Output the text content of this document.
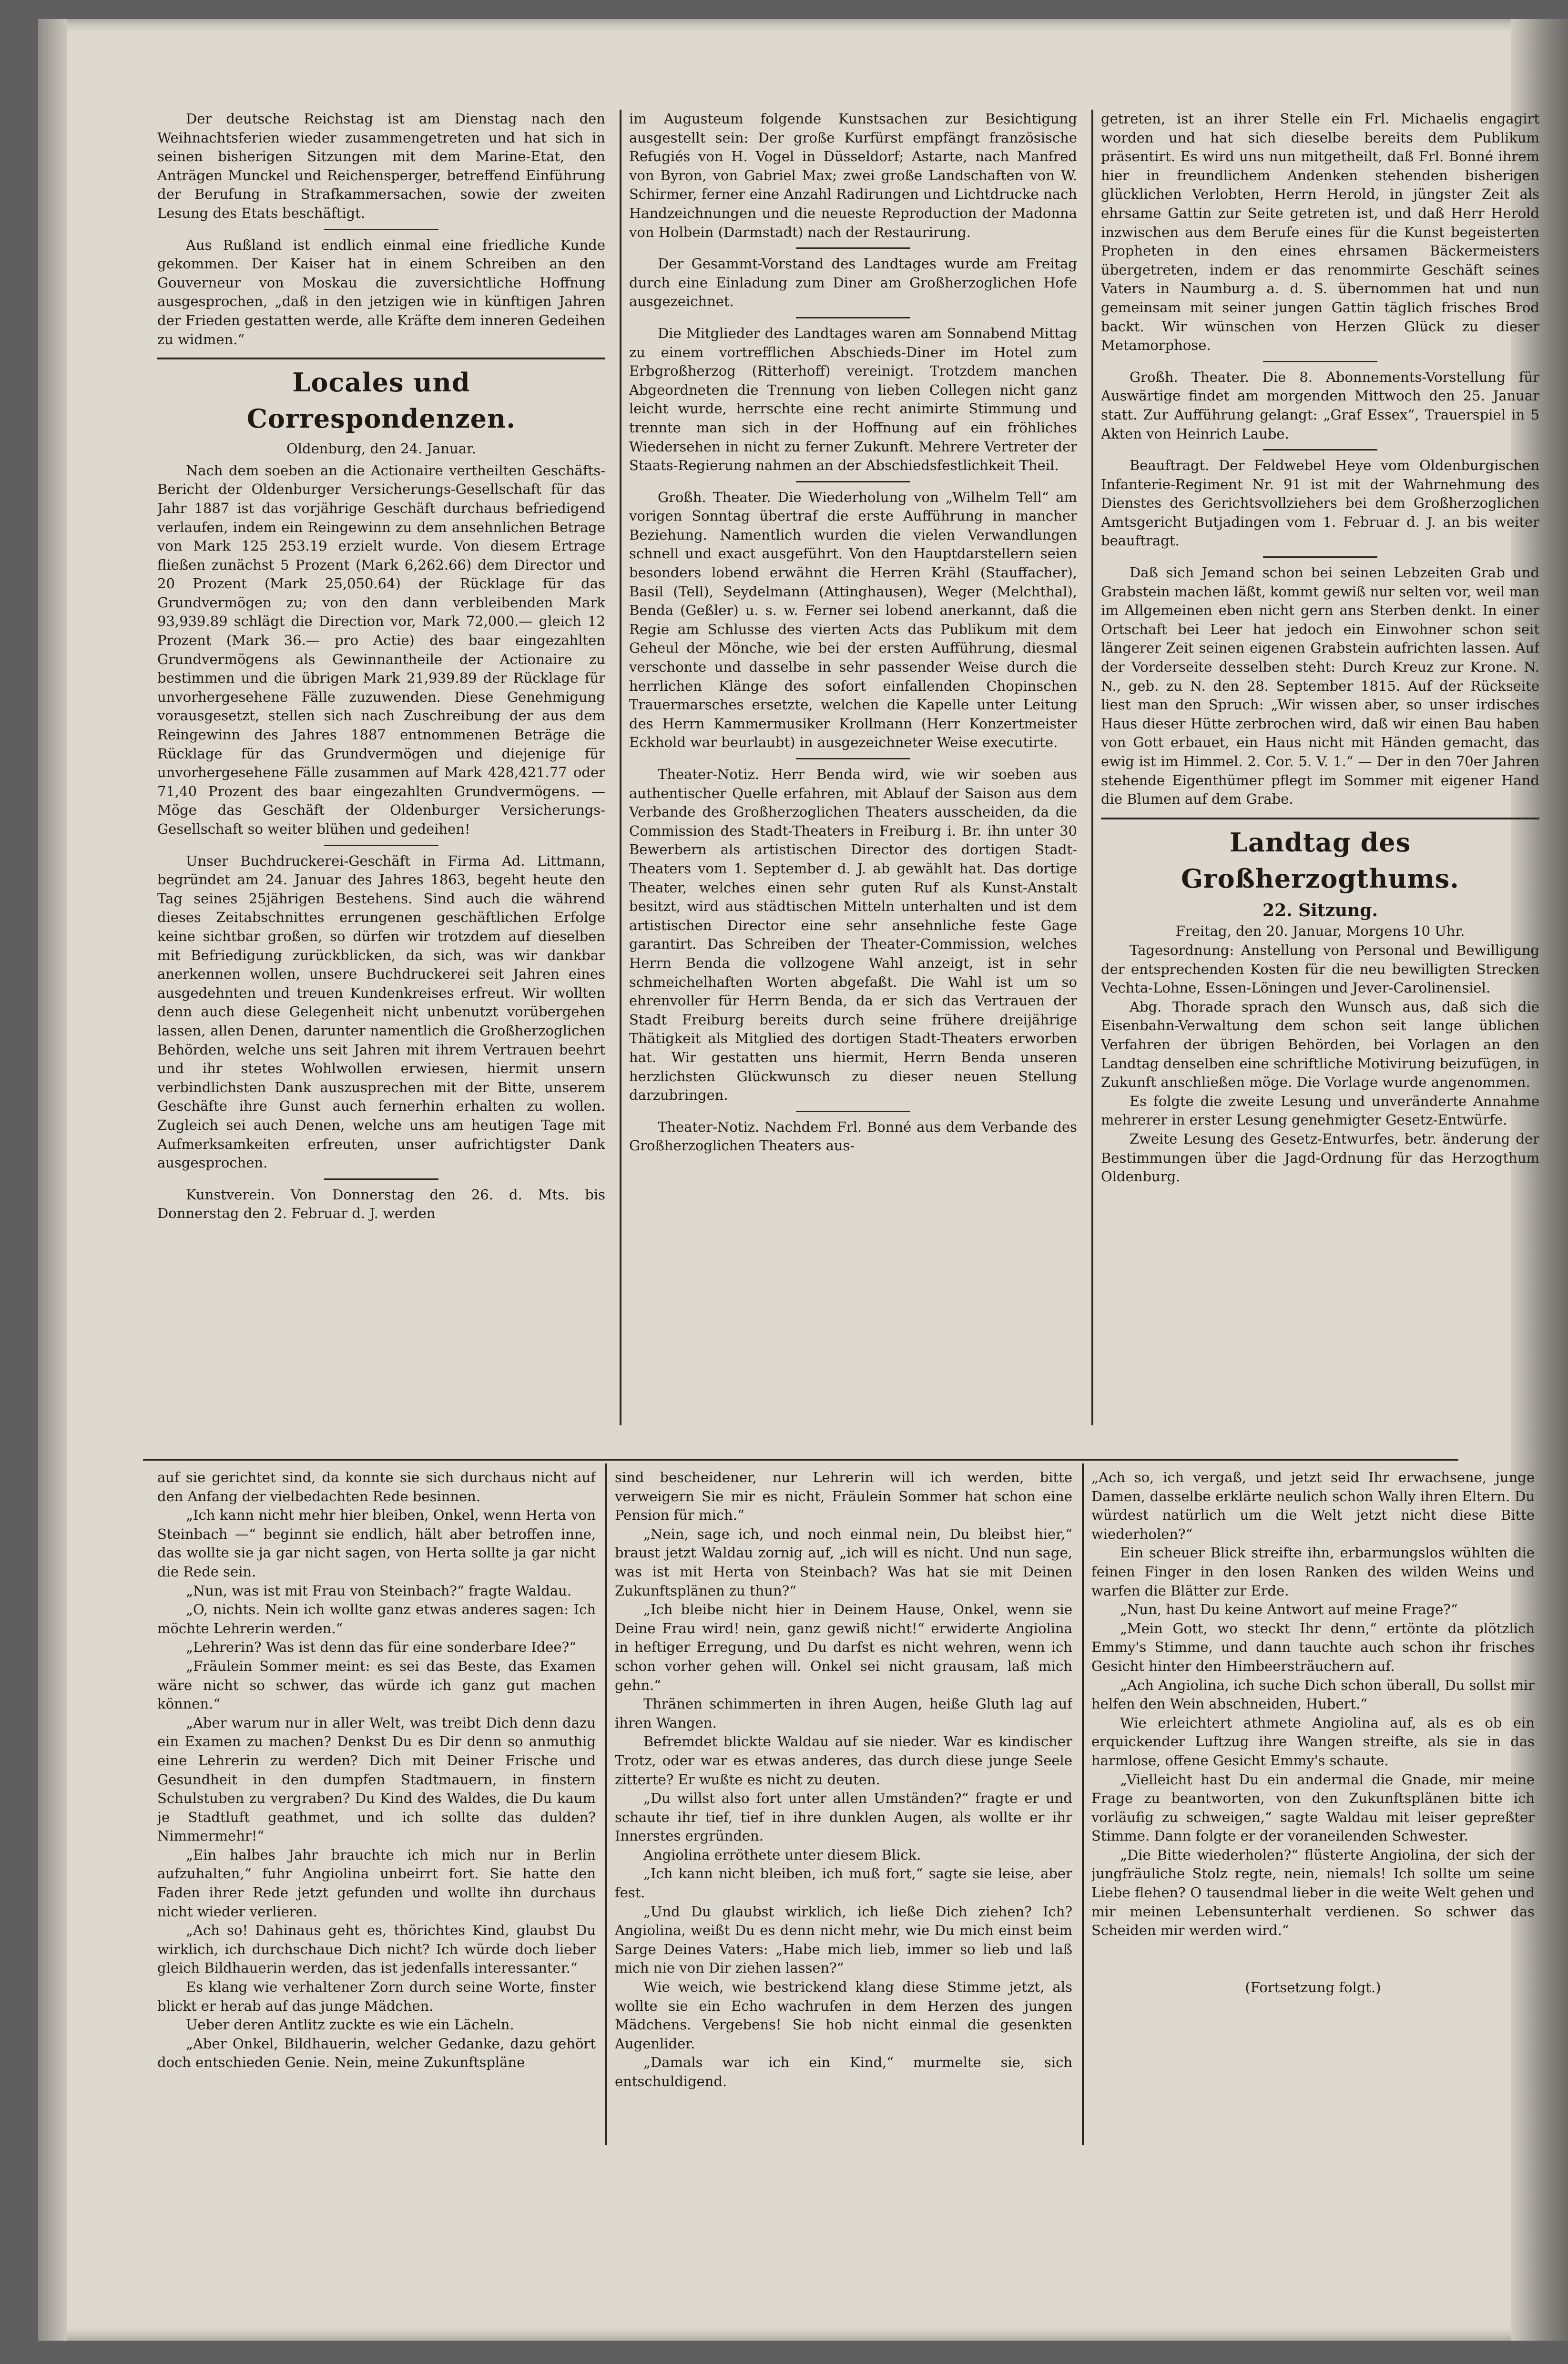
Der deutsche Reichstag ist am Dienstag nach den Weihnachtsferien wieder zusammengetreten und hat sich in seinen bisherigen Sitzungen mit dem Marine-Etat, den Anträgen Munckel und Reichensperger, betreffend Einführung der Berufung in Strafkammersachen, sowie der zweiten Lesung des Etats beschäftigt.

Aus Rußland ist endlich einmal eine friedliche Kunde gekommen. Der Kaiser hat in einem Schreiben an den Gouverneur von Moskau die zuversichtliche Hoffnung ausgesprochen, „daß in den jetzigen wie in künftigen Jahren der Frieden gestatten werde, alle Kräfte dem inneren Gedeihen zu widmen.“

Locales und Correspondenzen.
Oldenburg, den 24. Januar.

Nach dem soeben an die Actionaire vertheilten Geschäfts-Bericht der Oldenburger Versicherungs-Gesellschaft für das Jahr 1887 ist das vorjährige Geschäft durchaus befriedigend verlaufen, indem ein Reingewinn zu dem ansehnlichen Betrage von Mark 125 253.19 erzielt wurde. Von diesem Ertrage fließen zunächst 5 Prozent (Mark 6,262.66) dem Director und 20 Prozent (Mark 25,050.64) der Rücklage für das Grundvermögen zu; von den dann verbleibenden Mark 93,939.89 schlägt die Direction vor, Mark 72,000.— gleich 12 Prozent (Mark 36.— pro Actie) des baar eingezahlten Grundvermögens als Gewinnantheile der Actionaire zu bestimmen und die übrigen Mark 21,939.89 der Rücklage für unvorhergesehene Fälle zuzuwenden. Diese Genehmigung vorausgesetzt, stellen sich nach Zuschreibung der aus dem Reingewinn des Jahres 1887 entnommenen Beträge die Rücklage für das Grundvermögen und diejenige für unvorhergesehene Fälle zusammen auf Mark 428,421.77 oder 71,40 Prozent des baar eingezahlten Grundvermögens. — Möge das Geschäft der Oldenburger Versicherungs-Gesellschaft so weiter blühen und gedeihen!

Unser Buchdruckerei-Geschäft in Firma Ad. Littmann, begründet am 24. Januar des Jahres 1863, begeht heute den Tag seines 25jährigen Bestehens. Sind auch die während dieses Zeitabschnittes errungenen geschäftlichen Erfolge keine sichtbar großen, so dürfen wir trotzdem auf dieselben mit Befriedigung zurückblicken, da sich, was wir dankbar anerkennen wollen, unsere Buchdruckerei seit Jahren eines ausgedehnten und treuen Kundenkreises erfreut. Wir wollten denn auch diese Gelegenheit nicht unbenutzt vorübergehen lassen, allen Denen, darunter namentlich die Großherzoglichen Behörden, welche uns seit Jahren mit ihrem Vertrauen beehrt und ihr stetes Wohlwollen erwiesen, hiermit unsern verbindlichsten Dank auszusprechen mit der Bitte, unserem Geschäfte ihre Gunst auch fernerhin erhalten zu wollen. Zugleich sei auch Denen, welche uns am heutigen Tage mit Aufmerksamkeiten erfreuten, unser aufrichtigster Dank ausgesprochen.

Kunstverein. Von Donnerstag den 26. d. Mts. bis Donnerstag den 2. Februar d. J. werden

im Augusteum folgende Kunstsachen zur Besichtigung ausgestellt sein: Der große Kurfürst empfängt französische Refugiés von H. Vogel in Düsseldorf; Astarte, nach Manfred von Byron, von Gabriel Max; zwei große Landschaften von W. Schirmer, ferner eine Anzahl Radirungen und Lichtdrucke nach Handzeichnungen und die neueste Reproduction der Madonna von Holbein (Darmstadt) nach der Restaurirung.

Der Gesammt-Vorstand des Landtages wurde am Freitag durch eine Einladung zum Diner am Großherzoglichen Hofe ausgezeichnet.

Die Mitglieder des Landtages waren am Sonnabend Mittag zu einem vortrefflichen Abschieds-Diner im Hotel zum Erbgroßherzog (Ritterhoff) vereinigt. Trotzdem manchen Abgeordneten die Trennung von lieben Collegen nicht ganz leicht wurde, herrschte eine recht animirte Stimmung und trennte man sich in der Hoffnung auf ein fröhliches Wiedersehen in nicht zu ferner Zukunft. Mehrere Vertreter der Staats-Regierung nahmen an der Abschiedsfestlichkeit Theil.

Großh. Theater. Die Wiederholung von „Wilhelm Tell“ am vorigen Sonntag übertraf die erste Aufführung in mancher Beziehung. Namentlich wurden die vielen Verwandlungen schnell und exact ausgeführt. Von den Hauptdarstellern seien besonders lobend erwähnt die Herren Krähl (Stauffacher), Basil (Tell), Seydelmann (Attinghausen), Weger (Melchthal), Benda (Geßler) u. s. w. Ferner sei lobend anerkannt, daß die Regie am Schlusse des vierten Acts das Publikum mit dem Geheul der Mönche, wie bei der ersten Aufführung, diesmal verschonte und dasselbe in sehr passender Weise durch die herrlichen Klänge des sofort einfallenden Chopinschen Trauermarsches ersetzte, welchen die Kapelle unter Leitung des Herrn Kammermusiker Krollmann (Herr Konzertmeister Eckhold war beurlaubt) in ausgezeichneter Weise executirte.

Theater-Notiz. Herr Benda wird, wie wir soeben aus authentischer Quelle erfahren, mit Ablauf der Saison aus dem Verbande des Großherzoglichen Theaters ausscheiden, da die Commission des Stadt-Theaters in Freiburg i. Br. ihn unter 30 Bewerbern als artistischen Director des dortigen Stadt-Theaters vom 1. September d. J. ab gewählt hat. Das dortige Theater, welches einen sehr guten Ruf als Kunst-Anstalt besitzt, wird aus städtischen Mitteln unterhalten und ist dem artistischen Director eine sehr ansehnliche feste Gage garantirt. Das Schreiben der Theater-Commission, welches Herrn Benda die vollzogene Wahl anzeigt, ist in sehr schmeichelhaften Worten abgefaßt. Die Wahl ist um so ehrenvoller für Herrn Benda, da er sich das Vertrauen der Stadt Freiburg bereits durch seine frühere dreijährige Thätigkeit als Mitglied des dortigen Stadt-Theaters erworben hat. Wir gestatten uns hiermit, Herrn Benda unseren herzlichsten Glückwunsch zu dieser neuen Stellung darzubringen.

Theater-Notiz. Nachdem Frl. Bonné aus dem Verbande des Großherzoglichen Theaters aus-

getreten, ist an ihrer Stelle ein Frl. Michaelis engagirt worden und hat sich dieselbe bereits dem Publikum präsentirt. Es wird uns nun mitgetheilt, daß Frl. Bonné ihrem hier in freundlichem Andenken stehenden bisherigen glücklichen Verlobten, Herrn Herold, in jüngster Zeit als ehrsame Gattin zur Seite getreten ist, und daß Herr Herold inzwischen aus dem Berufe eines für die Kunst begeisterten Propheten in den eines ehrsamen Bäckermeisters übergetreten, indem er das renommirte Geschäft seines Vaters in Naumburg a. d. S. übernommen hat und nun gemeinsam mit seiner jungen Gattin täglich frisches Brod backt. Wir wünschen von Herzen Glück zu dieser Metamorphose.

Großh. Theater. Die 8. Abonnements-Vorstellung für Auswärtige findet am morgenden Mittwoch den 25. Januar statt. Zur Aufführung gelangt: „Graf Essex“, Trauerspiel in 5 Akten von Heinrich Laube.

Beauftragt. Der Feldwebel Heye vom Oldenburgischen Infanterie-Regiment Nr. 91 ist mit der Wahrnehmung des Dienstes des Gerichtsvollziehers bei dem Großherzoglichen Amtsgericht Butjadingen vom 1. Februar d. J. an bis weiter beauftragt.

Daß sich Jemand schon bei seinen Lebzeiten Grab und Grabstein machen läßt, kommt gewiß nur selten vor, weil man im Allgemeinen eben nicht gern ans Sterben denkt. In einer Ortschaft bei Leer hat jedoch ein Einwohner schon seit längerer Zeit seinen eigenen Grabstein aufrichten lassen. Auf der Vorderseite desselben steht: Durch Kreuz zur Krone. N. N., geb. zu N. den 28. September 1815. Auf der Rückseite liest man den Spruch: „Wir wissen aber, so unser irdisches Haus dieser Hütte zerbrochen wird, daß wir einen Bau haben von Gott erbauet, ein Haus nicht mit Händen gemacht, das ewig ist im Himmel. 2. Cor. 5. V. 1.“ — Der in den 70er Jahren stehende Eigenthümer pflegt im Sommer mit eigener Hand die Blumen auf dem Grabe.

Landtag des Großherzogthums.
22. Sitzung.

Freitag, den 20. Januar, Morgens 10 Uhr.

Tagesordnung: Anstellung von Personal und Bewilligung der entsprechenden Kosten für die neu bewilligten Strecken Vechta-Lohne, Essen-Löningen und Jever-Carolinensiel.

Abg. Thorade sprach den Wunsch aus, daß sich die Eisenbahn-Verwaltung dem schon seit lange üblichen Verfahren der übrigen Behörden, bei Vorlagen an den Landtag denselben eine schriftliche Motivirung beizufügen, in Zukunft anschließen möge. Die Vorlage wurde angenommen.

Es folgte die zweite Lesung und unveränderte Annahme mehrerer in erster Lesung genehmigter Gesetz-Entwürfe.

Zweite Lesung des Gesetz-Entwurfes, betr. änderung der Bestimmungen über die Jagd-Ordnung für das Herzogthum Oldenburg.

auf sie gerichtet sind, da konnte sie sich durchaus nicht auf den Anfang der vielbedachten Rede besinnen.

„Ich kann nicht mehr hier bleiben, Onkel, wenn Herta von Steinbach —“ beginnt sie endlich, hält aber betroffen inne, das wollte sie ja gar nicht sagen, von Herta sollte ja gar nicht die Rede sein.

„Nun, was ist mit Frau von Steinbach?“ fragte Waldau.

„O, nichts. Nein ich wollte ganz etwas anderes sagen: Ich möchte Lehrerin werden.“

„Lehrerin? Was ist denn das für eine sonderbare Idee?“

„Fräulein Sommer meint: es sei das Beste, das Examen wäre nicht so schwer, das würde ich ganz gut machen können.“

„Aber warum nur in aller Welt, was treibt Dich denn dazu ein Examen zu machen? Denkst Du es Dir denn so anmuthig eine Lehrerin zu werden? Dich mit Deiner Frische und Gesundheit in den dumpfen Stadtmauern, in finstern Schulstuben zu vergraben? Du Kind des Waldes, die Du kaum je Stadtluft geathmet, und ich sollte das dulden? Nimmermehr!“

„Ein halbes Jahr brauchte ich mich nur in Berlin aufzuhalten,“ fuhr Angiolina unbeirrt fort. Sie hatte den Faden ihrer Rede jetzt gefunden und wollte ihn durchaus nicht wieder verlieren.

„Ach so! Dahinaus geht es, thörichtes Kind, glaubst Du wirklich, ich durchschaue Dich nicht? Ich würde doch lieber gleich Bildhauerin werden, das ist jedenfalls interessanter.“

Es klang wie verhaltener Zorn durch seine Worte, finster blickt er herab auf das junge Mädchen.

Ueber deren Antlitz zuckte es wie ein Lächeln.

„Aber Onkel, Bildhauerin, welcher Gedanke, dazu gehört doch entschieden Genie. Nein, meine Zukunftspläne

sind bescheidener, nur Lehrerin will ich werden, bitte verweigern Sie mir es nicht, Fräulein Sommer hat schon eine Pension für mich.“

„Nein, sage ich, und noch einmal nein, Du bleibst hier,“ braust jetzt Waldau zornig auf, „ich will es nicht. Und nun sage, was ist mit Herta von Steinbach? Was hat sie mit Deinen Zukunftsplänen zu thun?“

„Ich bleibe nicht hier in Deinem Hause, Onkel, wenn sie Deine Frau wird! nein, ganz gewiß nicht!“ erwiderte Angiolina in heftiger Erregung, und Du darfst es nicht wehren, wenn ich schon vorher gehen will. Onkel sei nicht grausam, laß mich gehn.“

Thränen schimmerten in ihren Augen, heiße Gluth lag auf ihren Wangen.

Befremdet blickte Waldau auf sie nieder. War es kindischer Trotz, oder war es etwas anderes, das durch diese junge Seele zitterte? Er wußte es nicht zu deuten.

„Du willst also fort unter allen Umständen?“ fragte er und schaute ihr tief, tief in ihre dunklen Augen, als wollte er ihr Innerstes ergründen.

Angiolina erröthete unter diesem Blick.

„Ich kann nicht bleiben, ich muß fort,“ sagte sie leise, aber fest.

„Und Du glaubst wirklich, ich ließe Dich ziehen? Ich? Angiolina, weißt Du es denn nicht mehr, wie Du mich einst beim Sarge Deines Vaters: „Habe mich lieb, immer so lieb und laß mich nie von Dir ziehen lassen?“

Wie weich, wie bestrickend klang diese Stimme jetzt, als wollte sie ein Echo wachrufen in dem Herzen des jungen Mädchens. Vergebens! Sie hob nicht einmal die gesenkten Augenlider.

„Damals war ich ein Kind,“ murmelte sie, sich entschuldigend.

„Ach so, ich vergaß, und jetzt seid Ihr erwachsene, junge Damen, dasselbe erklärte neulich schon Wally ihren Eltern. Du würdest natürlich um die Welt jetzt nicht diese Bitte wiederholen?“

Ein scheuer Blick streifte ihn, erbarmungslos wühlten die feinen Finger in den losen Ranken des wilden Weins und warfen die Blätter zur Erde.

„Nun, hast Du keine Antwort auf meine Frage?“

„Mein Gott, wo steckt Ihr denn,“ ertönte da plötzlich Emmy's Stimme, und dann tauchte auch schon ihr frisches Gesicht hinter den Himbeersträuchern auf.

„Ach Angiolina, ich suche Dich schon überall, Du sollst mir helfen den Wein abschneiden, Hubert.“

Wie erleichtert athmete Angiolina auf, als es ob ein erquickender Luftzug ihre Wangen streifte, als sie in das harmlose, offene Gesicht Emmy's schaute.

„Vielleicht hast Du ein andermal die Gnade, mir meine Frage zu beantworten, von den Zukunftsplänen bitte ich vorläufig zu schweigen,“ sagte Waldau mit leiser gepreßter Stimme. Dann folgte er der voraneilenden Schwester.

„Die Bitte wiederholen?“ flüsterte Angiolina, der sich der jungfräuliche Stolz regte, nein, niemals! Ich sollte um seine Liebe flehen? O tausendmal lieber in die weite Welt gehen und mir meinen Lebensunterhalt verdienen. So schwer das Scheiden mir werden wird.“

(Fortsetzung folgt.)
